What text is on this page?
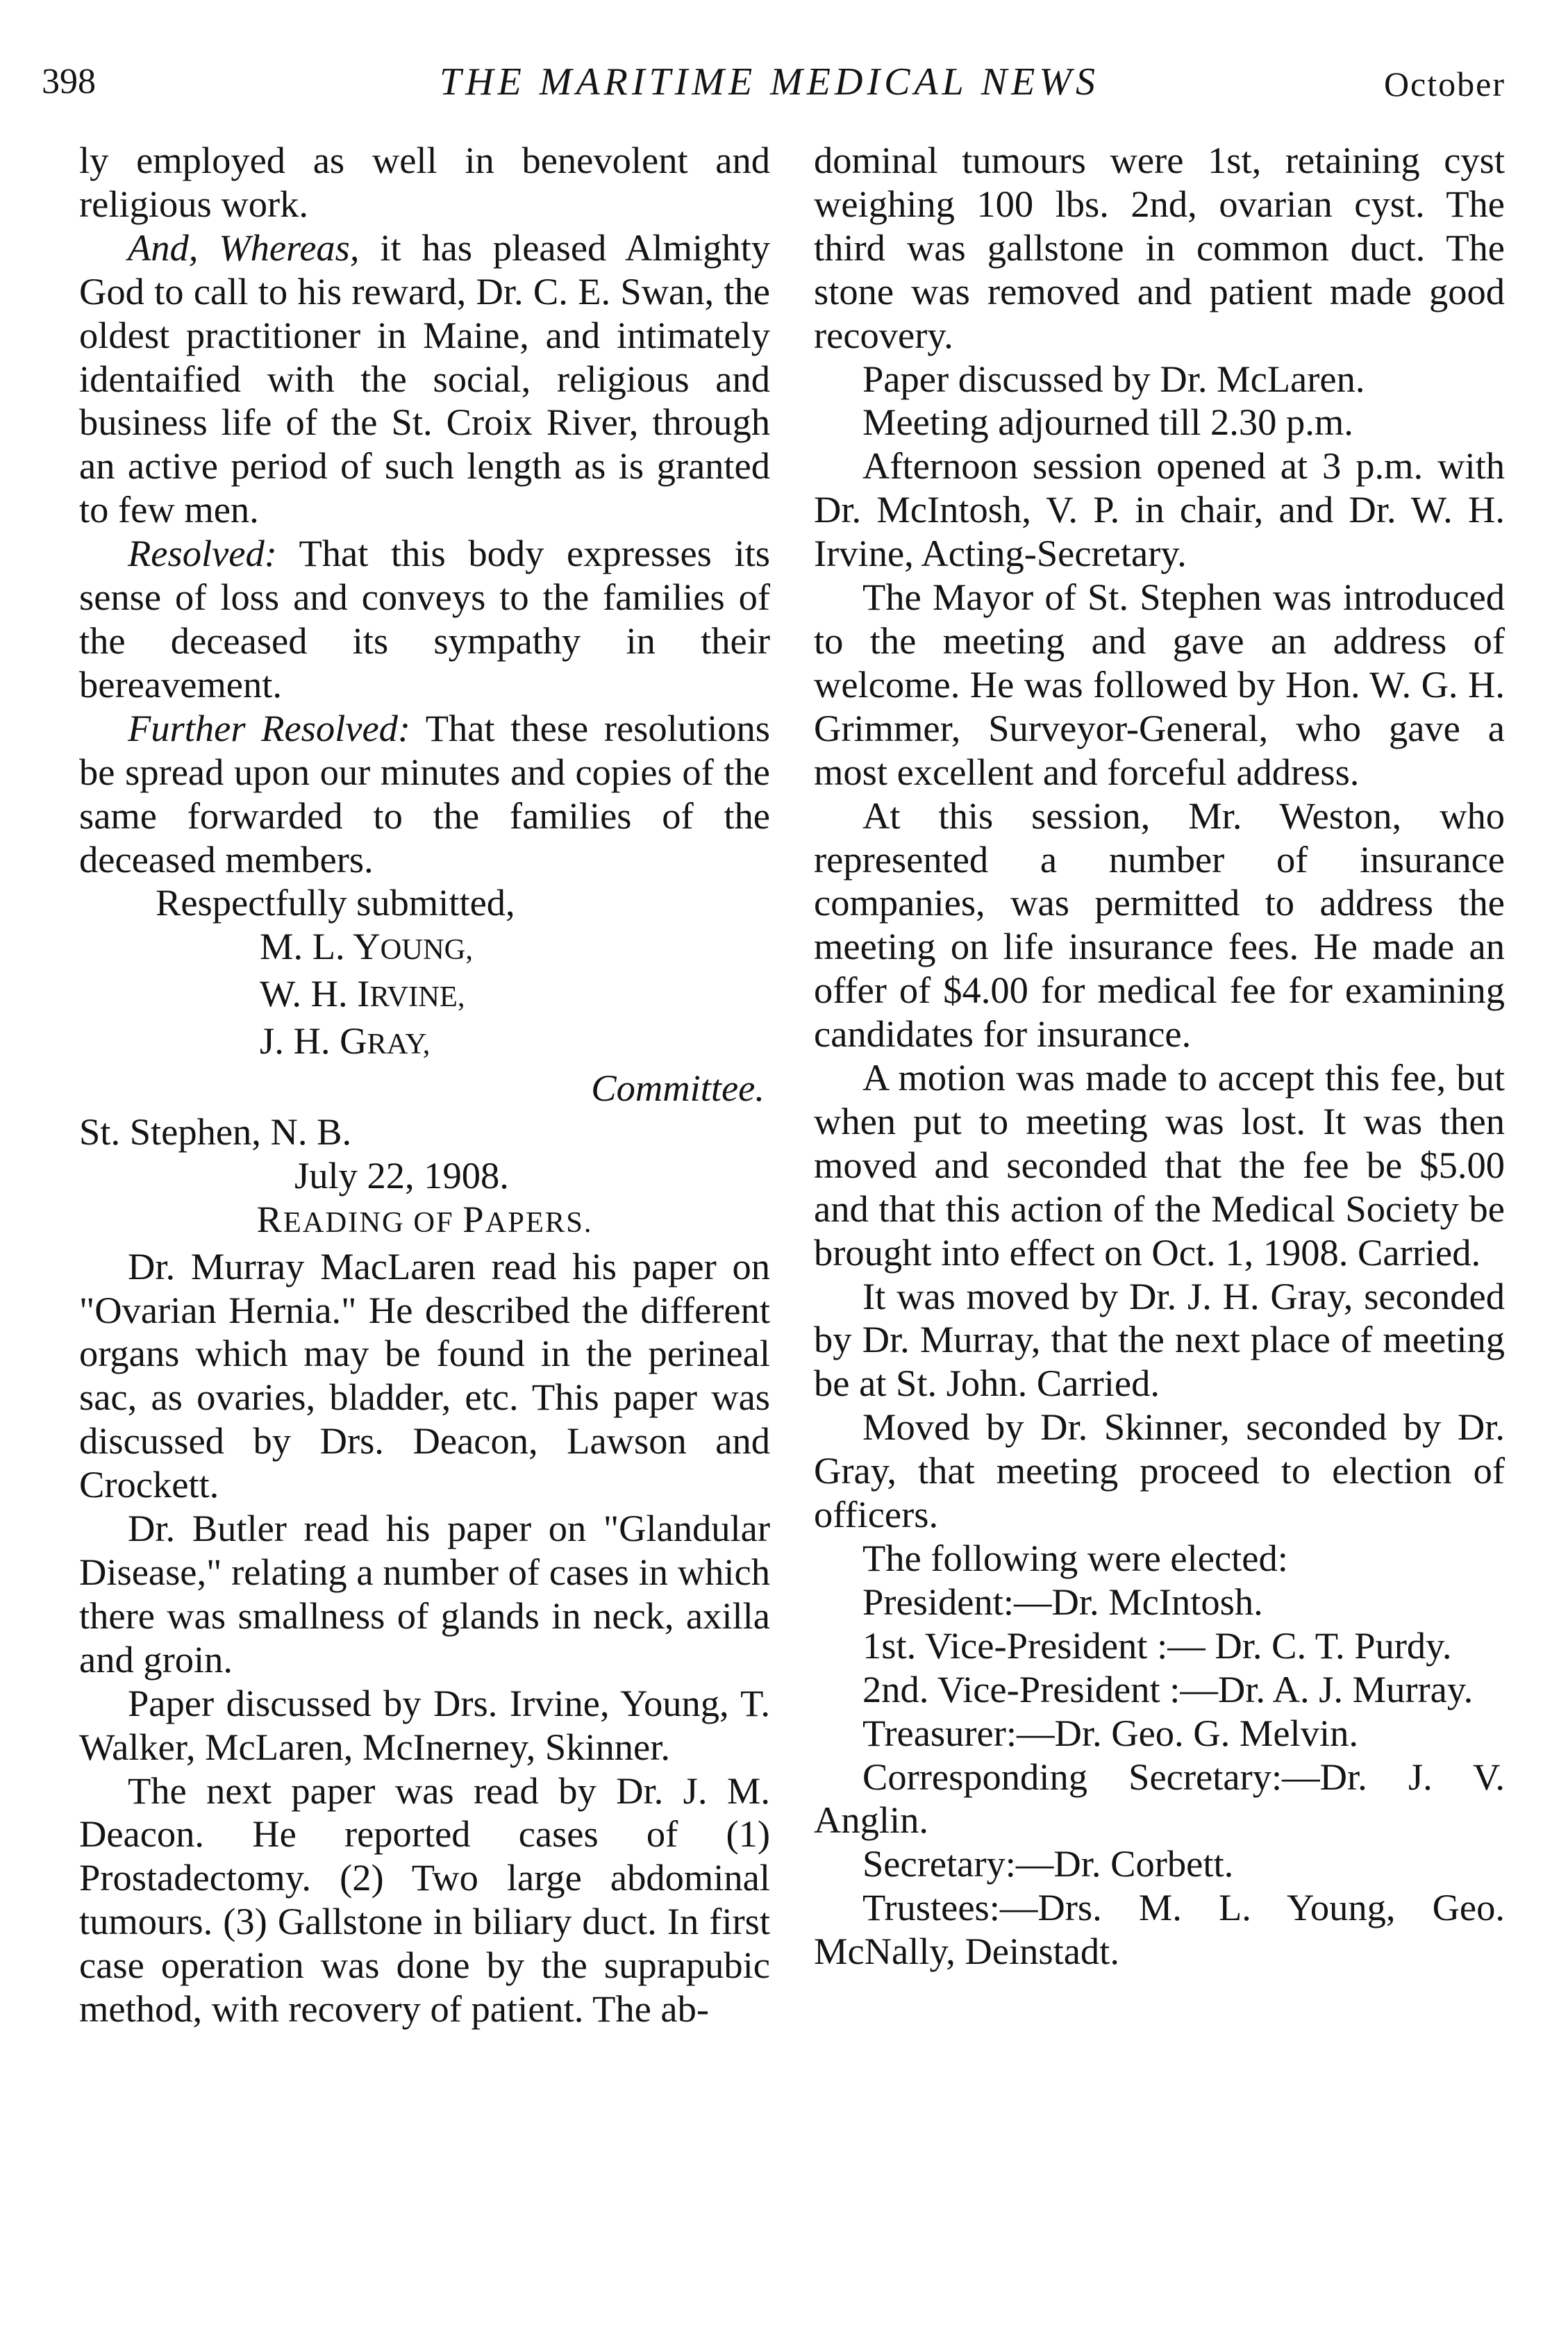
398	THE MARITIME MEDICAL NEWS	October

ly employed as well in benevolent and religious work.

And, Whereas, it has pleased Almighty God to call to his reward, Dr. C. E. Swan, the oldest practitioner in Maine, and intimately identaified with the social, religious and business life of the St. Croix River, through an active period of such length as is granted to few men.

Resolved: That this body expresses its sense of loss and conveys to the families of the deceased its sympathy in their bereavement.

Further Resolved: That these resolutions be spread upon our minutes and copies of the same forwarded to the families of the deceased members.

Respectfully submitted,

M. L. YOUNG,

W. H. IRVINE,

J. H. GRAY,

Committee.

St. Stephen, N. B.

July 22, 1908.

READING OF PAPERS.

Dr. Murray MacLaren read his paper on "Ovarian Hernia." He described the different organs which may be found in the perineal sac, as ovaries, bladder, etc. This paper was discussed by Drs. Deacon, Lawson and Crockett.

Dr. Butler read his paper on "Glandular Disease," relating a number of cases in which there was smallness of glands in neck, axilla and groin.

Paper discussed by Drs. Irvine, Young, T. Walker, McLaren, McInerney, Skinner.

The next paper was read by Dr. J. M. Deacon. He reported cases of (1) Prostadectomy. (2) Two large abdominal tumours. (3) Gallstone in biliary duct. In first case operation was done by the suprapubic method, with recovery of patient. The ab-

dominal tumours were 1st, retaining cyst weighing 100 lbs. 2nd, ovarian cyst. The third was gallstone in common duct. The stone was removed and patient made good recovery.

Paper discussed by Dr. McLaren.

Meeting adjourned till 2.30 p.m.

Afternoon session opened at 3 p.m. with Dr. McIntosh, V. P. in chair, and Dr. W. H. Irvine, Acting-Secretary.

The Mayor of St. Stephen was introduced to the meeting and gave an address of welcome. He was followed by Hon. W. G. H. Grimmer, Surveyor-General, who gave a most excellent and forceful address.

At this session, Mr. Weston, who represented a number of insurance companies, was permitted to address the meeting on life insurance fees. He made an offer of $4.00 for medical fee for examining candidates for insurance.

A motion was made to accept this fee, but when put to meeting was lost. It was then moved and seconded that the fee be $5.00 and that this action of the Medical Society be brought into effect on Oct. 1, 1908. Carried.

It was moved by Dr. J. H. Gray, seconded by Dr. Murray, that the next place of meeting be at St. John. Carried.

Moved by Dr. Skinner, seconded by Dr. Gray, that meeting proceed to election of officers.

The following were elected:

President:—Dr. McIntosh.

1st. Vice-President :— Dr. C. T. Purdy.

2nd. Vice-President :—Dr. A. J. Murray.

Treasurer:—Dr. Geo. G. Melvin.

Corresponding Secretary:—Dr. J. V. Anglin.

Secretary:—Dr. Corbett.

Trustees:—Drs. M. L. Young, Geo. McNally, Deinstadt.
